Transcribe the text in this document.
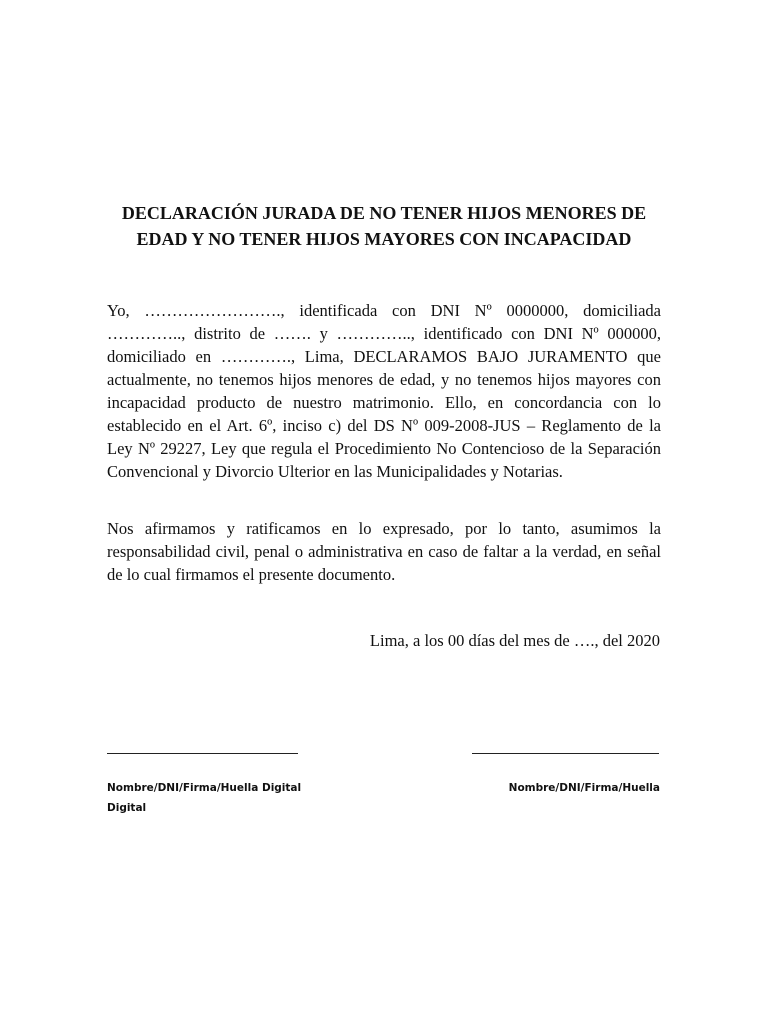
DECLARACIÓN JURADA DE NO TENER HIJOS MENORES DE
EDAD Y NO TENER HIJOS MAYORES CON INCAPACIDAD

Yo, ……………………., identificada con DNI Nº 0000000, domiciliada ………….., distrito de ……. y ………….., identificado con DNI Nº 000000, domiciliado en …………., Lima, DECLARAMOS BAJO JURAMENTO que actualmente, no tenemos hijos menores de edad, y no tenemos hijos mayores con incapacidad producto de nuestro matrimonio. Ello, en concordancia con lo establecido en el Art. 6º, inciso c) del DS Nº 009-2008-JUS – Reglamento de la Ley Nº 29227, Ley que regula el Procedimiento No Contencioso de la Separación Convencional y Divorcio Ulterior en las Municipalidades y Notarias.

Nos afirmamos y ratificamos en lo expresado, por lo tanto, asumimos la responsabilidad civil, penal o administrativa en caso de faltar a la verdad, en señal de lo cual firmamos el presente documento.

Lima, a los 00 días del mes de …., del 2020

Nombre/DNI/Firma/Huella Digital
Digital
Nombre/DNI/Firma/Huella
